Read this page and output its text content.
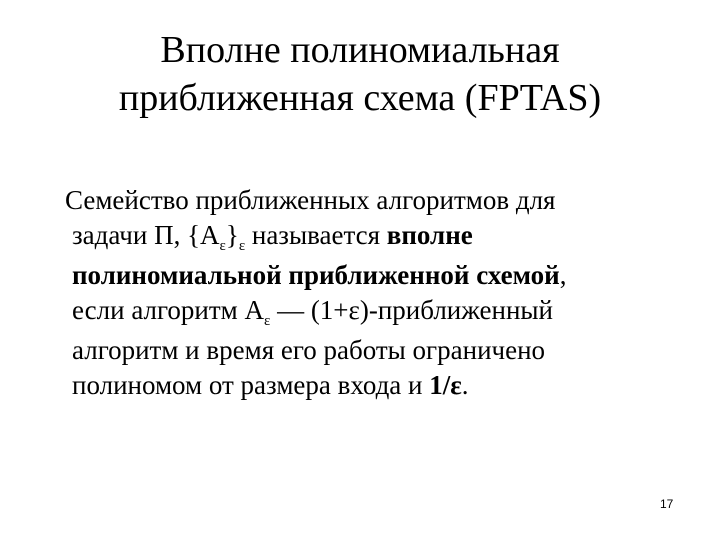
Вполне полиномиальная
приближенная схема (FPTAS)
Семейство приближенных алгоритмов для
задачи Π, $\{A_\varepsilon\}_\varepsilon$ называется вполне
полиномиальной приближенной схемой,
если алгоритм $A_\varepsilon$ — (1+ε)-приближенный
алгоритм и время его работы ограничено
полиномом от размера входа и 1/ε.
17
